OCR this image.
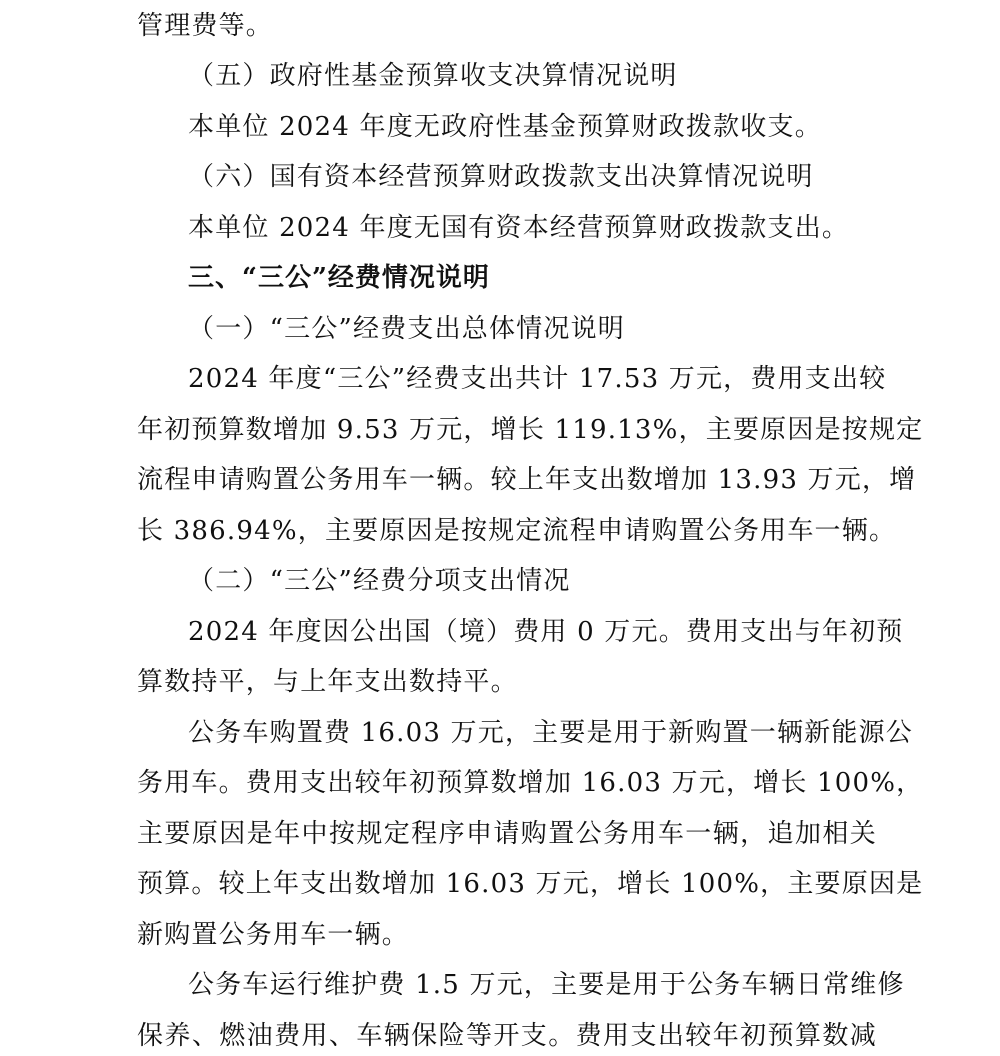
管理费等。
（五）政府性基金预算收支决算情况说明
本单位 2024 年度无政府性基金预算财政拨款收支。
（六）国有资本经营预算财政拨款支出决算情况说明
本单位 2024 年度无国有资本经营预算财政拨款支出。
三、“三公”经费情况说明
（一）“三公”经费支出总体情况说明
2024 年度“三公”经费支出共计 17.53 万元，费用支出较
年初预算数增加 9.53 万元，增长 119.13%，主要原因是按规定
流程申请购置公务用车一辆。较上年支出数增加 13.93 万元，增
长 386.94%，主要原因是按规定流程申请购置公务用车一辆。
（二）“三公”经费分项支出情况
2024 年度因公出国（境）费用 0 万元。费用支出与年初预
算数持平，与上年支出数持平。
公务车购置费 16.03 万元，主要是用于新购置一辆新能源公
务用车。费用支出较年初预算数增加 16.03 万元，增长 100%，
主要原因是年中按规定程序申请购置公务用车一辆，追加相关
预算。较上年支出数增加 16.03 万元，增长 100%，主要原因是
新购置公务用车一辆。
公务车运行维护费 1.5 万元，主要是用于公务车辆日常维修
保养、燃油费用、车辆保险等开支。费用支出较年初预算数减
